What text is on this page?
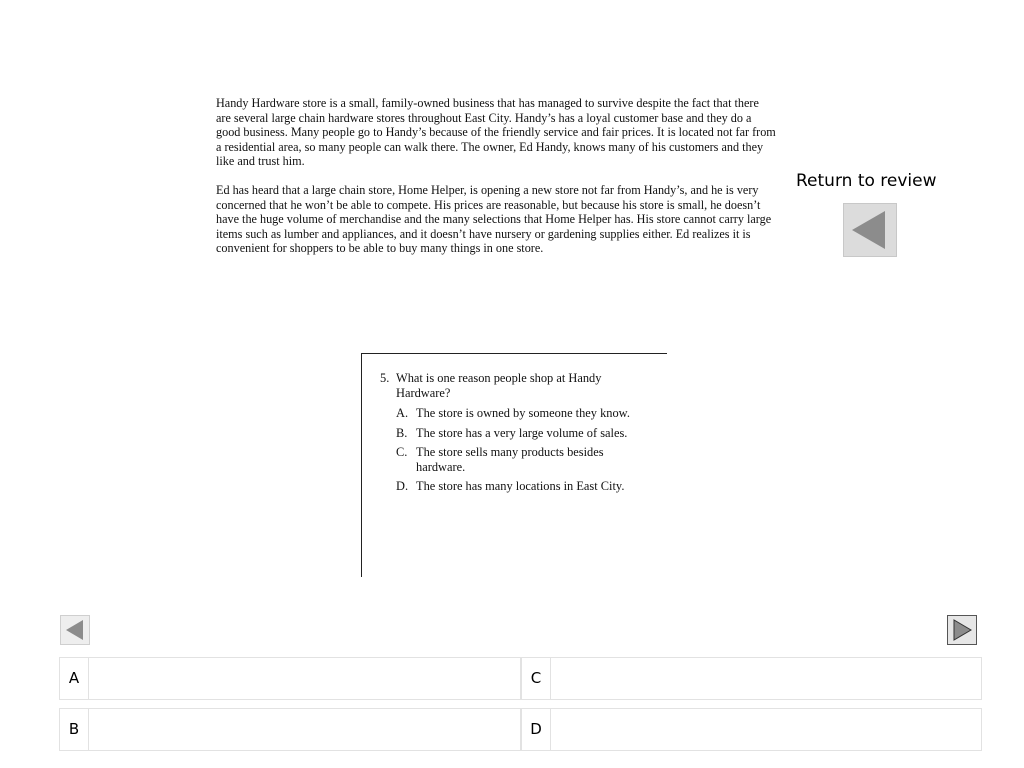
Handy Hardware store is a small, family-owned business that has managed to survive despite the fact that there are several large chain hardware stores throughout East City. Handy’s has a loyal customer base and they do a good business. Many people go to Handy’s because of the friendly service and fair prices. It is located not far from a residential area, so many people can walk there. The owner, Ed Handy, knows many of his customers and they like and trust him.

Ed has heard that a large chain store, Home Helper, is opening a new store not far from Handy’s, and he is very concerned that he won’t be able to compete. His prices are reasonable, but because his store is small, he doesn’t have the huge volume of merchandise and the many selections that Home Helper has. His store cannot carry large items such as lumber and appliances, and it doesn’t have nursery or gardening supplies either. Ed realizes it is convenient for shoppers to be able to buy many things in one store.

Return to review
5. What is one reason people shop at Handy Hardware?
A. The store is owned by someone they know.
B. The store has a very large volume of sales.
C. The store sells many products besides hardware.
D. The store has many locations in East City.
A	C
B	D
